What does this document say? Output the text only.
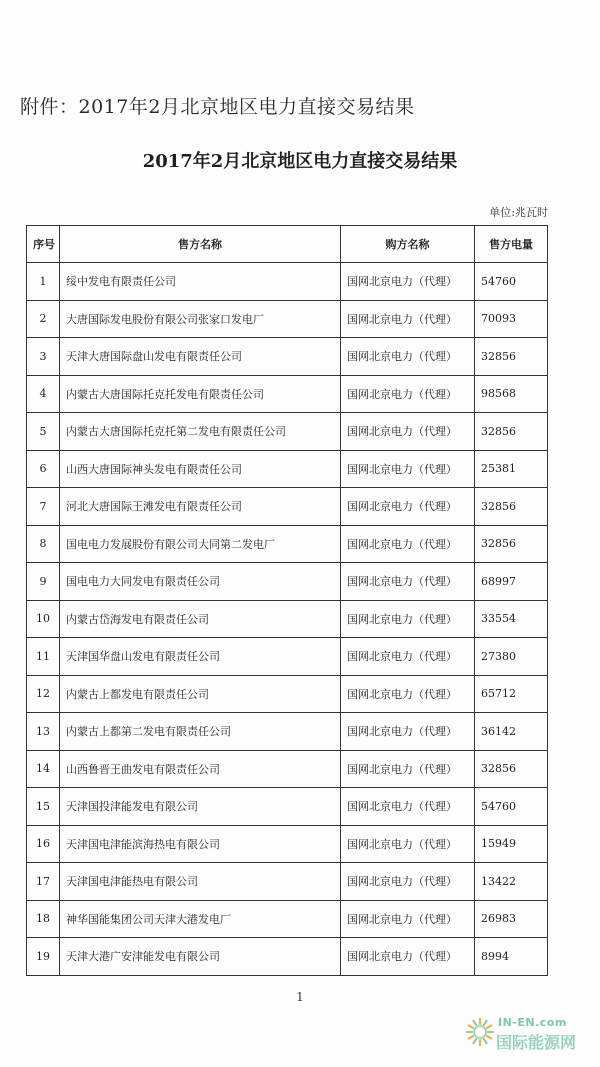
附件：2017年2月北京地区电力直接交易结果
2017年2月北京地区电力直接交易结果
单位:兆瓦时
序号	售方名称	购方名称	售方电量
1	绥中发电有限责任公司	国网北京电力（代理）	54760
2	大唐国际发电股份有限公司张家口发电厂	国网北京电力（代理）	70093
3	天津大唐国际盘山发电有限责任公司	国网北京电力（代理）	32856
4	内蒙古大唐国际托克托发电有限责任公司	国网北京电力（代理）	98568
5	内蒙古大唐国际托克托第二发电有限责任公司	国网北京电力（代理）	32856
6	山西大唐国际神头发电有限责任公司	国网北京电力（代理）	25381
7	河北大唐国际王滩发电有限责任公司	国网北京电力（代理）	32856
8	国电电力发展股份有限公司大同第二发电厂	国网北京电力（代理）	32856
9	国电电力大同发电有限责任公司	国网北京电力（代理）	68997
10	内蒙古岱海发电有限责任公司	国网北京电力（代理）	33554
11	天津国华盘山发电有限责任公司	国网北京电力（代理）	27380
12	内蒙古上都发电有限责任公司	国网北京电力（代理）	65712
13	内蒙古上都第二发电有限责任公司	国网北京电力（代理）	36142
14	山西鲁晋王曲发电有限责任公司	国网北京电力（代理）	32856
15	天津国投津能发电有限公司	国网北京电力（代理）	54760
16	天津国电津能滨海热电有限公司	国网北京电力（代理）	15949
17	天津国电津能热电有限公司	国网北京电力（代理）	13422
18	神华国能集团公司天津大港发电厂	国网北京电力（代理）	26983
19	天津大港广安津能发电有限公司	国网北京电力（代理）	8994
1
IN-EN.com
国际能源网
